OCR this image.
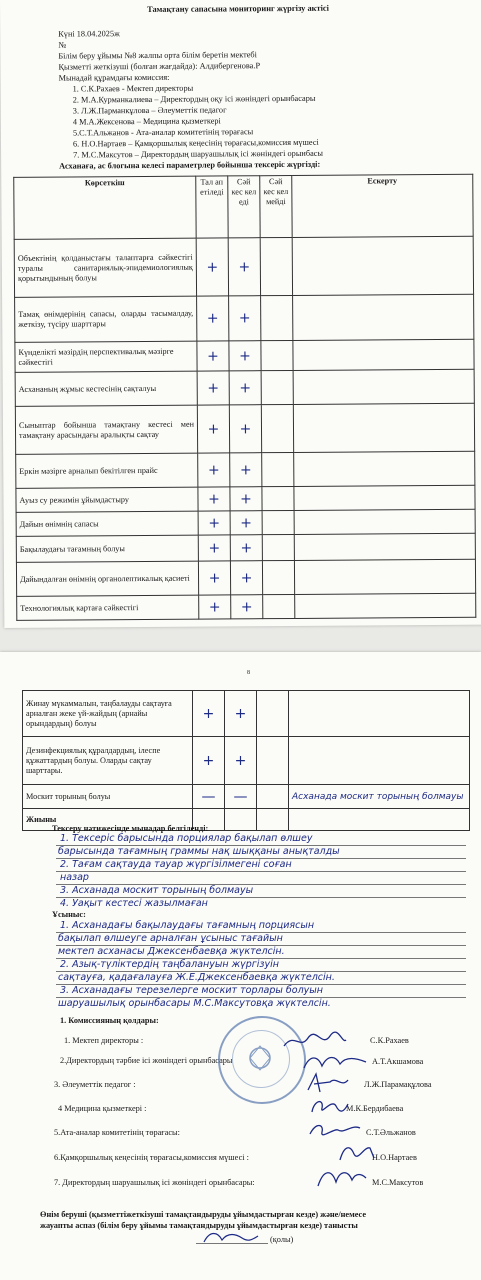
Тамақтану сапасына мониторинг жүргізу актісі
Күні 18.04.2025ж
№
Білім беру ұйымы №8 жалпы орта білім беретін мектебі
Қызметті жеткізуші (болған жағдайда): Алдибергенова.Р
Мынадай құрамдағы комиссия:
1. С.К.Рахаев - Мектеп директоры
2. М.А.Курманкалиева – Директордың оқу ісі жөніндегі орынбасары
3. Л.Ж.Парманкұлова – Әлеуметтік педагог
4 М.А.Жексенова – Медицина қызметкері
5.С.Т.Альжанов - Ата-аналар комитетінің төрағасы
6. Н.О.Нартаев – Қамқоршылық кеңесінің төрағасы,комиссия мүшесі
7. М.С.Максутов – Директордың шаруашылық ісі жөніндегі орынбасы
Асханаға, ас блогына келесі параметрлер бойынша тексеріс жүргізді:
Көрсеткіш	Тал ап етіледі	Сәй кес кел еді	Сәй кес кел мейді	Ескерту

Объектінің қолданыстағы талаптарға сәйкестігі туралы санитариялық-эпидемиологиялық қорытындының болуы	+	+		

Тамақ өнімдерінің сапасы, оларды тасымалдау, жеткізу, түсіру шарттары	+	+		

Күнделікті мәзірдің перспективалық мәзірге сәйкестігі	+	+		

Асхананың жұмыс кестесінің сақталуы	+	+		

Сыныптар бойынша тамақтану кестесі мен тамақтану арасындағы аралықты сақтау	+	+		

Еркін мәзірге арналып бекітілген прайс	+	+		

Ауыз су режимін ұйымдастыру	+	+		

Дайын өнімнің сапасы	+	+		

Бақылаудағы тағамның болуы	+	+		

Дайындалған өнімнің органолептикалық қасиеті	+	+		

Технологиялық картаға сәйкестігі	+	+		
8
Жинау мүкаммалын, таңбалауды сақтауға арналған жеке үй-жайдың (арнайы орындардың) болуы	+	+		

Дезинфекциялық құралдардың, ілеспе құжаттардың болуы. Оларды сақтау шарттары.	+	+		

Москит торының болуы	—	—		Асханада москит торының болмауы

Жиыны				

Тексеру нәтижесінде мынадар белгіленді:
1. Тексеріс барысында порциялар бақылап өлшеу
барысында тағамның граммы нақ шыққаны анықталды
2. Тағам сақтауда тауар жүргізілмегені соған
назар
3. Асханада москит торының болмауы
4. Уақыт кестесі жазылмаған
Ұсыныс:
1. Асханадағы бақылаудағы тағамның порциясын
бақылап өлшеуге арналған ұсыныс тағайын
мектеп асханасы Джексенбаевқа жүктелсін.
2. Азық-түліктердің таңбалануын жүргізуін
сақтауға, қадағалауға Ж.Е.Джексенбаевқа жүктелсін.
3. Асханадағы терезелерге москит торлары болуын
шаруашылық орынбасары М.С.Максутовқа жүктелсін.
1. Комиссияның қолдары:
1. Мектеп директоры :	С.К.Рахаев
2.Директордың тәрбие ісі жөніндегі орынбасары	А.Т.Акшамова
3. Әлеуметтік педагог :	Л.Ж.Парамақұлова
4 Медицина қызметкері :	М.К.Бердибаева
5.Ата-аналар комитетінің төрағасы:	С.Т.Әльжанов
6.Қамқоршылық кеңесінің төрағасы,комиссия мүшесі :	Н.О.Нартаев
7. Директордың шаруашылық ісі жөніндегі орынбасары:	М.С.Максутов
Өнім беруші (қызметтіжеткізуші тамақтандыруды ұйымдастырған кезде) және/немесе
жауапты аспаз (білім беру ұйымы тамақтандыруды ұйымдастырған кезде) танысты
(қолы)
